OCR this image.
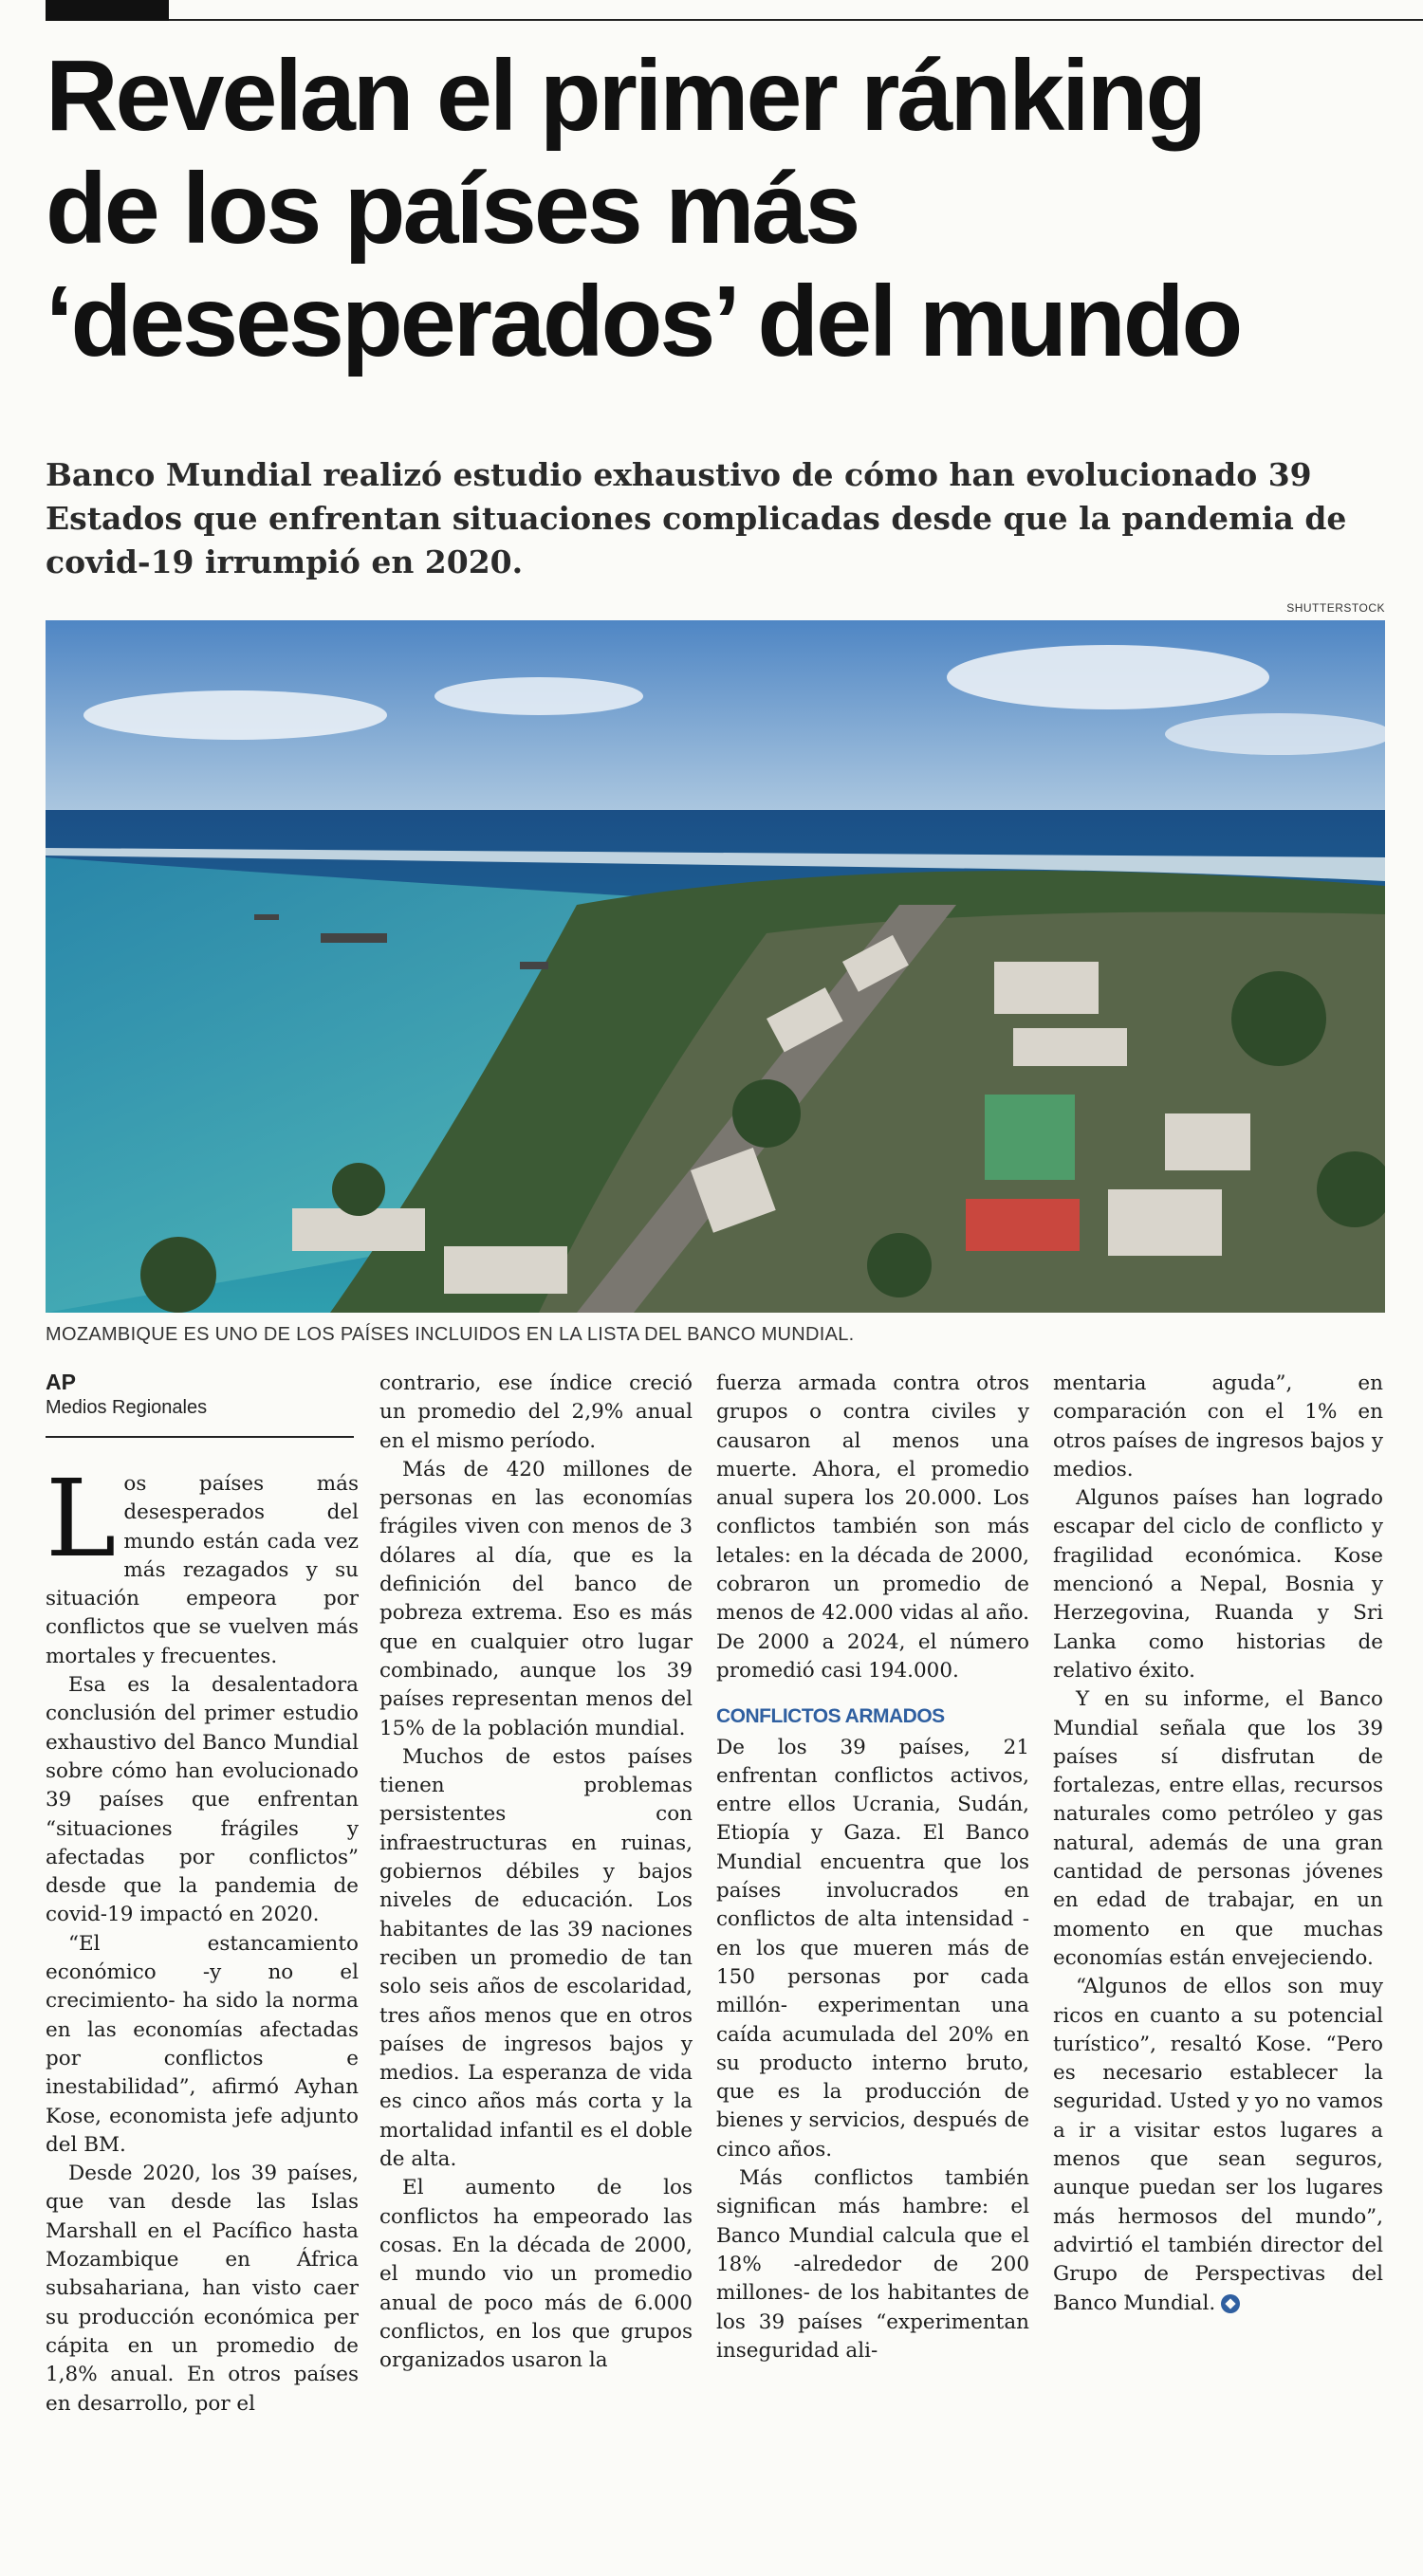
Revelan el primer ránking
de los países más
‘desesperados’ del mundo
Banco Mundial realizó estudio exhaustivo de cómo han evolucionado 39
Estados que enfrentan situaciones complicadas desde que la pandemia de
covid-19 irrumpió en 2020.
SHUTTERSTOCK
MOZAMBIQUE ES UNO DE LOS PAÍSES INCLUIDOS EN LA LISTA DEL BANCO MUNDIAL.
AP
Medios Regionales

Los países más desesperados del mundo están cada vez más rezagados y su situación empeora por conflictos que se vuelven más mortales y frecuentes.

Esa es la desalentadora conclusión del primer estudio exhaustivo del Banco Mundial sobre cómo han evolucionado 39 países que enfrentan “situaciones frágiles y afectadas por conflictos” desde que la pandemia de covid-19 impactó en 2020.

“El estancamiento económico -y no el crecimiento- ha sido la norma en las economías afectadas por conflictos e inestabilidad”, afirmó Ayhan Kose, economista jefe adjunto del BM.

Desde 2020, los 39 países, que van desde las Islas Marshall en el Pacífico hasta Mozambique en África subsahariana, han visto caer su producción económica per cápita en un promedio de 1,8% anual. En otros países en desarrollo, por el

contrario, ese índice creció un promedio del 2,9% anual en el mismo período.

Más de 420 millones de personas en las economías frágiles viven con menos de 3 dólares al día, que es la definición del banco de pobreza extrema. Eso es más que en cualquier otro lugar combinado, aunque los 39 países representan menos del 15% de la población mundial.

Muchos de estos países tienen problemas persistentes con infraestructuras en ruinas, gobiernos débiles y bajos niveles de educación. Los habitantes de las 39 naciones reciben un promedio de tan solo seis años de escolaridad, tres años menos que en otros países de ingresos bajos y medios. La esperanza de vida es cinco años más corta y la mortalidad infantil es el doble de alta.

El aumento de los conflictos ha empeorado las cosas. En la década de 2000, el mundo vio un promedio anual de poco más de 6.000 conflictos, en los que grupos organizados usaron la

fuerza armada contra otros grupos o contra civiles y causaron al menos una muerte. Ahora, el promedio anual supera los 20.000. Los conflictos también son más letales: en la década de 2000, cobraron un promedio de menos de 42.000 vidas al año. De 2000 a 2024, el número promedió casi 194.000.

CONFLICTOS ARMADOS

De los 39 países, 21 enfrentan conflictos activos, entre ellos Ucrania, Sudán, Etiopía y Gaza. El Banco Mundial encuentra que los países involucrados en conflictos de alta intensidad -en los que mueren más de 150 personas por cada millón- experimentan una caída acumulada del 20% en su producto interno bruto, que es la producción de bienes y servicios, después de cinco años.

Más conflictos también significan más hambre: el Banco Mundial calcula que el 18% -alrededor de 200 millones- de los habitantes de los 39 países “experimentan inseguridad ali-

mentaria aguda”, en comparación con el 1% en otros países de ingresos bajos y medios.

Algunos países han logrado escapar del ciclo de conflicto y fragilidad económica. Kose mencionó a Nepal, Bosnia y Herzegovina, Ruanda y Sri Lanka como historias de relativo éxito.

Y en su informe, el Banco Mundial señala que los 39 países sí disfrutan de fortalezas, entre ellas, recursos naturales como petróleo y gas natural, además de una gran cantidad de personas jóvenes en edad de trabajar, en un momento en que muchas economías están envejeciendo.

“Algunos de ellos son muy ricos en cuanto a su potencial turístico”, resaltó Kose. “Pero es necesario establecer la seguridad. Usted y yo no vamos a ir a visitar estos lugares a menos que sean seguros, aunque puedan ser los lugares más hermosos del mundo”, advirtió el también director del Grupo de Perspectivas del Banco Mundial.
